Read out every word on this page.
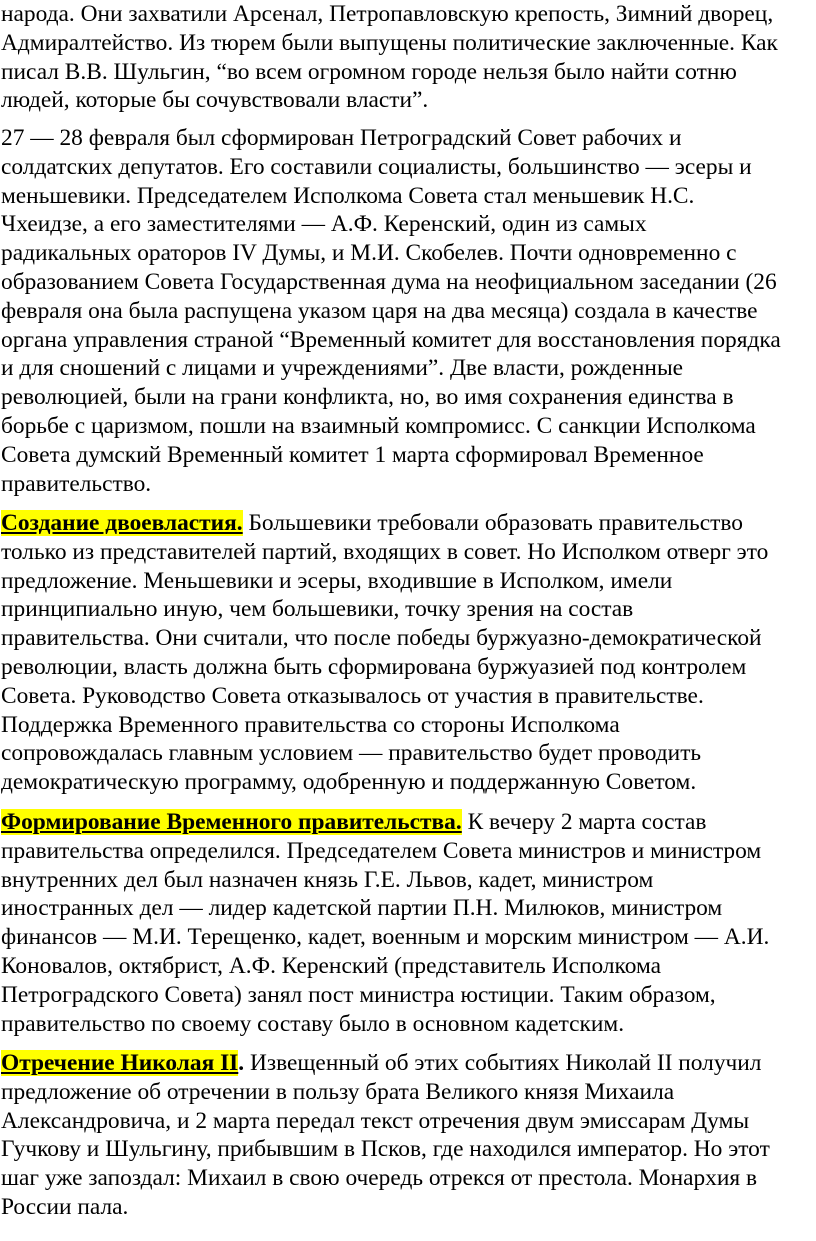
народа. Они захватили Арсенал, Петропавловскую крепость, Зимний дворец,
Адмиралтейство. Из тюрем были выпущены политические заключенные. Как
писал В.В. Шульгин, “во всем огромном городе нельзя было найти сотню
людей, которые бы сочувствовали власти”.

27 — 28 февраля был сформирован Петроградский Совет рабочих и
солдатских депутатов. Его составили социалисты, большинство — эсеры и
меньшевики. Председателем Исполкома Совета стал меньшевик Н.С.
Чхеидзе, а его заместителями — А.Ф. Керенский, один из самых
радикальных ораторов IV Думы, и М.И. Скобелев. Почти одновременно с
образованием Совета Государственная дума на неофициальном заседании (26
февраля она была распущена указом царя на два месяца) создала в качестве
органа управления страной “Временный комитет для восстановления порядка
и для сношений с лицами и учреждениями”. Две власти, рожденные
революцией, были на грани конфликта, но, во имя сохранения единства в
борьбе с царизмом, пошли на взаимный компромисс. С санкции Исполкома
Совета думский Временный комитет 1 марта сформировал Временное
правительство.

Создание двоевластия. Большевики требовали образовать правительство
только из представителей партий, входящих в совет. Но Исполком отверг это
предложение. Меньшевики и эсеры, входившие в Исполком, имели
принципиально иную, чем большевики, точку зрения на состав
правительства. Они считали, что после победы буржуазно-демократической
революции, власть должна быть сформирована буржуазией под контролем
Совета. Руководство Совета отказывалось от участия в правительстве.
Поддержка Временного правительства со стороны Исполкома
сопровождалась главным условием — правительство будет проводить
демократическую программу, одобренную и поддержанную Советом.

Формирование Временного правительства. К вечеру 2 марта состав
правительства определился. Председателем Совета министров и министром
внутренних дел был назначен князь Г.Е. Львов, кадет, министром
иностранных дел — лидер кадетской партии П.Н. Милюков, министром
финансов — М.И. Терещенко, кадет, военным и морским министром — А.И.
Коновалов, октябрист, А.Ф. Керенский (представитель Исполкома
Петроградского Совета) занял пост министра юстиции. Таким образом,
правительство по своему составу было в основном кадетским.

Отречение Николая II. Извещенный об этих событиях Николай II получил
предложение об отречении в пользу брата Великого князя Михаила
Александровича, и 2 марта передал текст отречения двум эмиссарам Думы
Гучкову и Шульгину, прибывшим в Псков, где находился император. Но этот
шаг уже запоздал: Михаил в свою очередь отрекся от престола. Монархия в
России пала.
